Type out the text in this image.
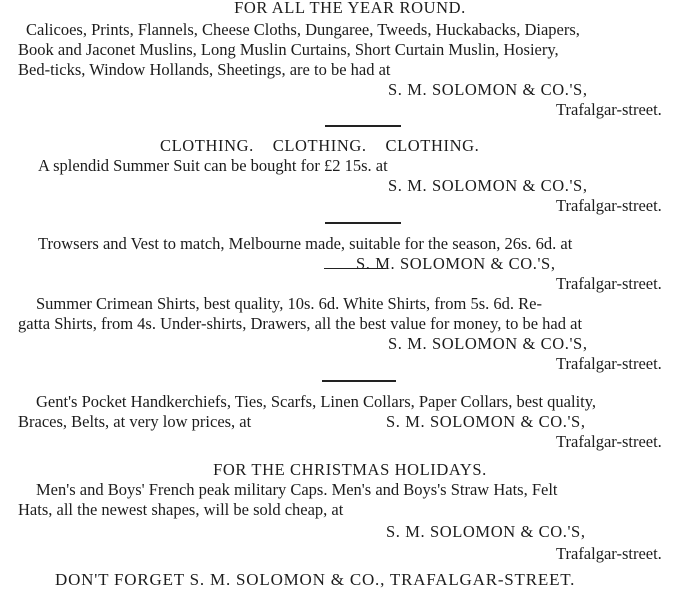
FOR ALL THE YEAR ROUND.
Calicoes, Prints, Flannels, Cheese Cloths, Dungaree, Tweeds, Huckabacks, Diapers,
Book and Jaconet Muslins, Long Muslin Curtains, Short Curtain Muslin, Hosiery,
Bed-ticks, Window Hollands, Sheetings, are to be had at
S. M. SOLOMON & CO.'S,
Trafalgar-street.
CLOTHING.    CLOTHING.    CLOTHING.
A splendid Summer Suit can be bought for £2 15s. at
S. M. SOLOMON & CO.'S,
Trafalgar-street.
Trowsers and Vest to match, Melbourne made, suitable for the season, 26s. 6d. at
S. M. SOLOMON & CO.'S,
Trafalgar-street.
Summer Crimean Shirts, best quality, 10s. 6d. White Shirts, from 5s. 6d. Re-
gatta Shirts, from 4s. Under-shirts, Drawers, all the best value for money, to be had at
S. M. SOLOMON & CO.'S,
Trafalgar-street.
Gent's Pocket Handkerchiefs, Ties, Scarfs, Linen Collars, Paper Collars, best quality,
Braces, Belts, at very low prices, at	S. M. SOLOMON & CO.'S,
Trafalgar-street.
FOR THE CHRISTMAS HOLIDAYS.
Men's and Boys' French peak military Caps. Men's and Boys's Straw Hats, Felt
Hats, all the newest shapes, will be sold cheap, at
S. M. SOLOMON & CO.'S,
Trafalgar-street.
DON'T FORGET S. M. SOLOMON & CO., TRAFALGAR-STREET.
